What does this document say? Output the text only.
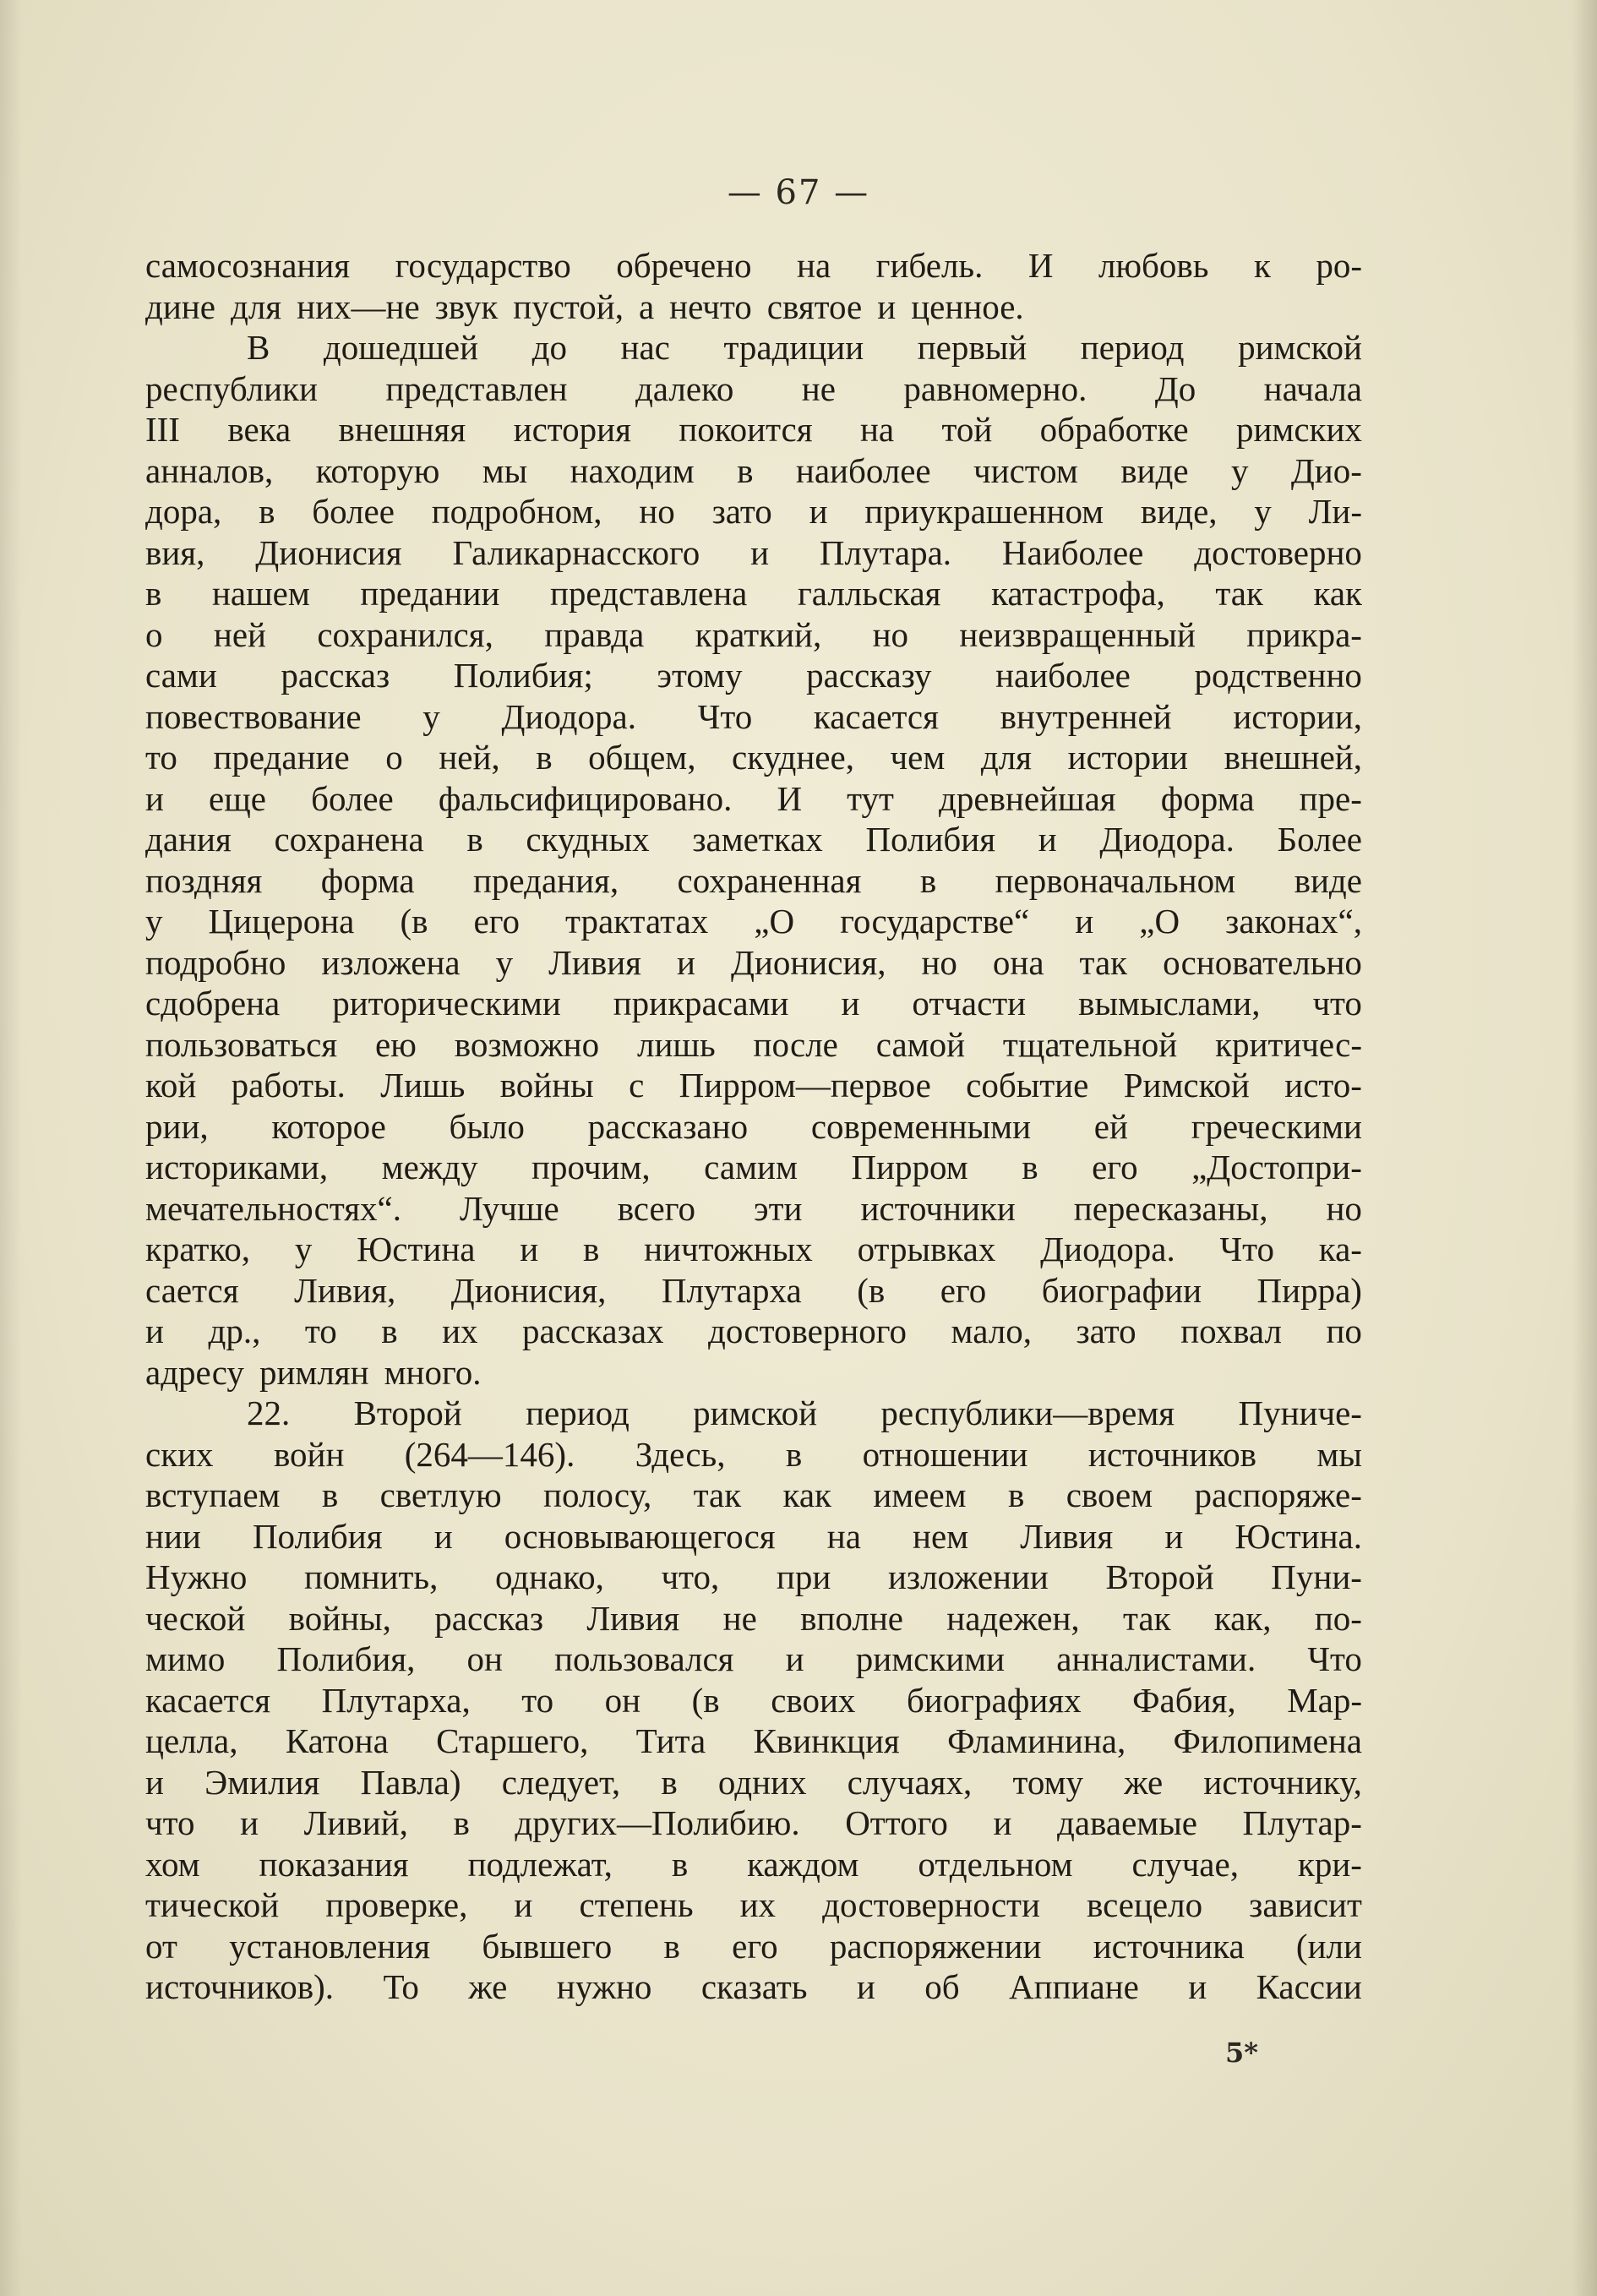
— 67 —
самосознания государство обречено на гибель. И любовь к ро-
дине для них—не звук пустой, а нечто святое и ценное.
В дошедшей до нас традиции первый период римской
республики представлен далеко не равномерно. До начала
III века внешняя история покоится на той обработке римских
анналов, которую мы находим в наиболее чистом виде у Дио-
дора, в более подробном, но зато и приукрашенном виде, у Ли-
вия, Дионисия Галикарнасского и Плутара. Наиболее достоверно
в нашем предании представлена галльская катастрофа, так как
о ней сохранился, правда краткий, но неизвращенный прикра-
сами рассказ Полибия; этому рассказу наиболее родственно
повествование у Диодора. Что касается внутренней истории,
то предание о ней, в общем, скуднее, чем для истории внешней,
и еще более фальсифицировано. И тут древнейшая форма пре-
дания сохранена в скудных заметках Полибия и Диодора. Более
поздняя форма предания, сохраненная в первоначальном виде
у Цицерона (в его трактатах „О государстве“ и „О законах“,
подробно изложена у Ливия и Дионисия, но она так основательно
сдобрена риторическими прикрасами и отчасти вымыслами, что
пользоваться ею возможно лишь после самой тщательной критичес-
кой работы. Лишь войны с Пирром—первое событие Римской исто-
рии, которое было рассказано современными ей греческими
историками, между прочим, самим Пирром в его „Достопри-
мечательностях“. Лучше всего эти источники пересказаны, но
кратко, у Юстина и в ничтожных отрывках Диодора. Что ка-
сается Ливия, Дионисия, Плутарха (в его биографии Пирра)
и др., то в их рассказах достоверного мало, зато похвал по
адресу римлян много.
22. Второй период римской республики—время Пуниче-
ских войн (264—146). Здесь, в отношении источников мы
вступаем в светлую полосу, так как имеем в своем распоряже-
нии Полибия и основывающегося на нем Ливия и Юстина.
Нужно помнить, однако, что, при изложении Второй Пуни-
ческой войны, рассказ Ливия не вполне надежен, так как, по-
мимо Полибия, он пользовался и римскими анналистами. Что
касается Плутарха, то он (в своих биографиях Фабия, Мар-
целла, Катона Старшего, Тита Квинкция Фламинина, Филопимена
и Эмилия Павла) следует, в одних случаях, тому же источнику,
что и Ливий, в других—Полибию. Оттого и даваемые Плутар-
хом показания подлежат, в каждом отдельном случае, кри-
тической проверке, и степень их достоверности всецело зависит
от установления бывшего в его распоряжении источника (или
источников). То же нужно сказать и об Аппиане и Кассии
5*
